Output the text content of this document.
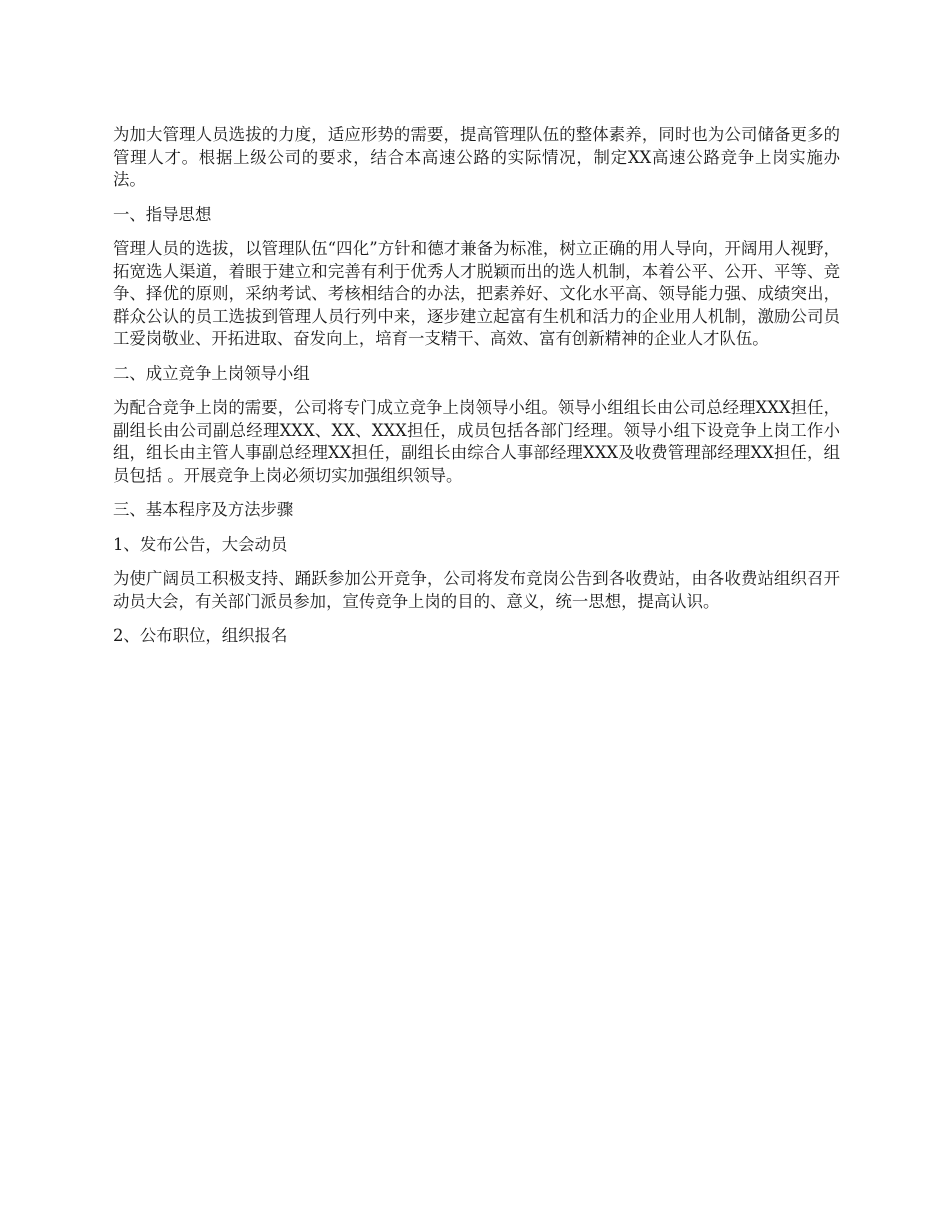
为加大管理人员选拔的力度，适应形势的需要，提高管理队伍的整体素养，同时也为公司储备更多的管理人才。根据上级公司的要求，结合本高速公路的实际情况，制定XX高速公路竞争上岗实施办法。

一、指导思想

管理人员的选拔，以管理队伍“四化”方针和德才兼备为标准，树立正确的用人导向，开阔用人视野，拓宽选人渠道，着眼于建立和完善有利于优秀人才脱颖而出的选人机制，本着公平、公开、平等、竞争、择优的原则，采纳考试、考核相结合的办法，把素养好、文化水平高、领导能力强、成绩突出，群众公认的员工选拔到管理人员行列中来，逐步建立起富有生机和活力的企业用人机制，激励公司员工爱岗敬业、开拓进取、奋发向上，培育一支精干、高效、富有创新精神的企业人才队伍。

二、成立竞争上岗领导小组

为配合竞争上岗的需要，公司将专门成立竞争上岗领导小组。领导小组组长由公司总经理XXX担任，副组长由公司副总经理XXX、XX、XXX担任，成员包括各部门经理。领导小组下设竞争上岗工作小组，组长由主管人事副总经理XX担任，副组长由综合人事部经理XXX及收费管理部经理XX担任，组员包括 。开展竞争上岗必须切实加强组织领导。

三、基本程序及方法步骤

1、发布公告，大会动员

为使广阔员工积极支持、踊跃参加公开竞争，公司将发布竞岗公告到各收费站，由各收费站组织召开动员大会，有关部门派员参加，宣传竞争上岗的目的、意义，统一思想，提高认识。

2、公布职位，组织报名
